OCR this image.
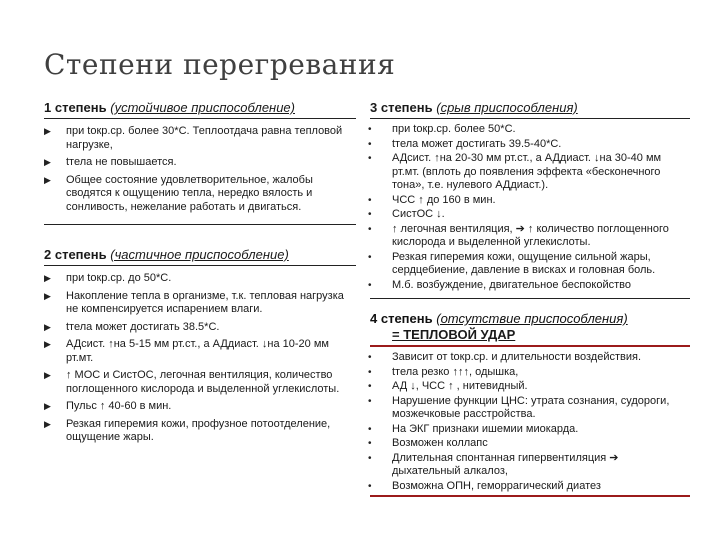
Степени перегревания
1 степень (устойчивое приспособление)
▶ при tокр.ср. более 30*С. Теплоотдача равна тепловой нагрузке,
▶ tтела не повышается.
▶ Общее состояние удовлетворительное, жалобы сводятся к ощущению тепла, нередко вялость и сонливость, нежелание работать и двигаться.
2 степень (частичное приспособление)
▶ при tокр.ср. до 50*С.
▶ Накопление тепла в организме, т.к. тепловая нагрузка не компенсируется испарением влаги.
▶ tтела может достигать 38.5*С.
▶ АДсист. ↑на 5-15 мм рт.ст., а АДдиаст. ↓на 10-20 мм рт.мт.
▶ ↑ МОС и СистОС, легочная вентиляция, количество поглощенного кислорода и выделенной углекислоты.
▶ Пульс ↑ 40-60 в мин.
▶ Резкая гиперемия кожи, профузное потоотделение, ощущение жары.
3 степень (срыв приспособления)
• при tокр.ср. более 50*С.
• tтела может достигать 39.5-40*С.
• АДсист. ↑на 20-30 мм рт.ст., а АДдиаст. ↓на 30-40 мм рт.мт. (вплоть до появления эффекта «бесконечного тона», т.е. нулевого АДдиаст.).
• ЧСС ↑ до 160 в мин.
• СистОС ↓.
• ↑ легочная вентиляция, ➔ ↑ количество поглощенного кислорода и выделенной углекислоты.
• Резкая гиперемия кожи, ощущение сильной жары, сердцебиение, давление в висках и головная боль.
• М.б. возбуждение, двигательное беспокойство
4 степень (отсутствие приспособления)
= ТЕПЛОВОЙ УДАР
• Зависит от tокр.ср. и длительности воздействия.
• tтела резко ↑↑↑, одышка,
• АД ↓, ЧСС ↑ , нитевидный.
• Нарушение функции ЦНС: утрата сознания, судороги, мозжечковые расстройства.
• На ЭКГ признаки ишемии миокарда.
• Возможен коллапс
• Длительная спонтанная гипервентиляция ➔ дыхательный алкалоз,
• Возможна ОПН, геморрагический диатез
